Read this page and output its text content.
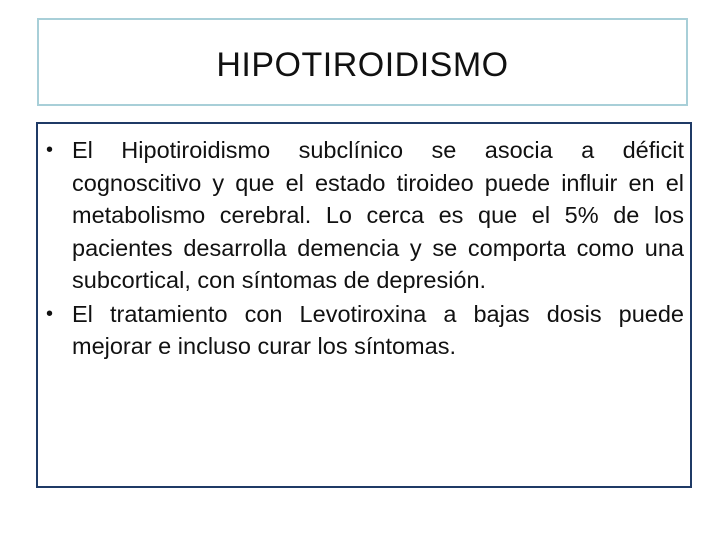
HIPOTIROIDISMO
• El Hipotiroidismo subclínico se asocia a déficit cognoscitivo y que el estado tiroideo puede influir en el metabolismo cerebral. Lo cerca es que el 5% de los pacientes desarrolla demencia y se comporta como una subcortical, con síntomas de depresión.
• El tratamiento con Levotiroxina a bajas dosis puede mejorar e incluso curar los síntomas.
